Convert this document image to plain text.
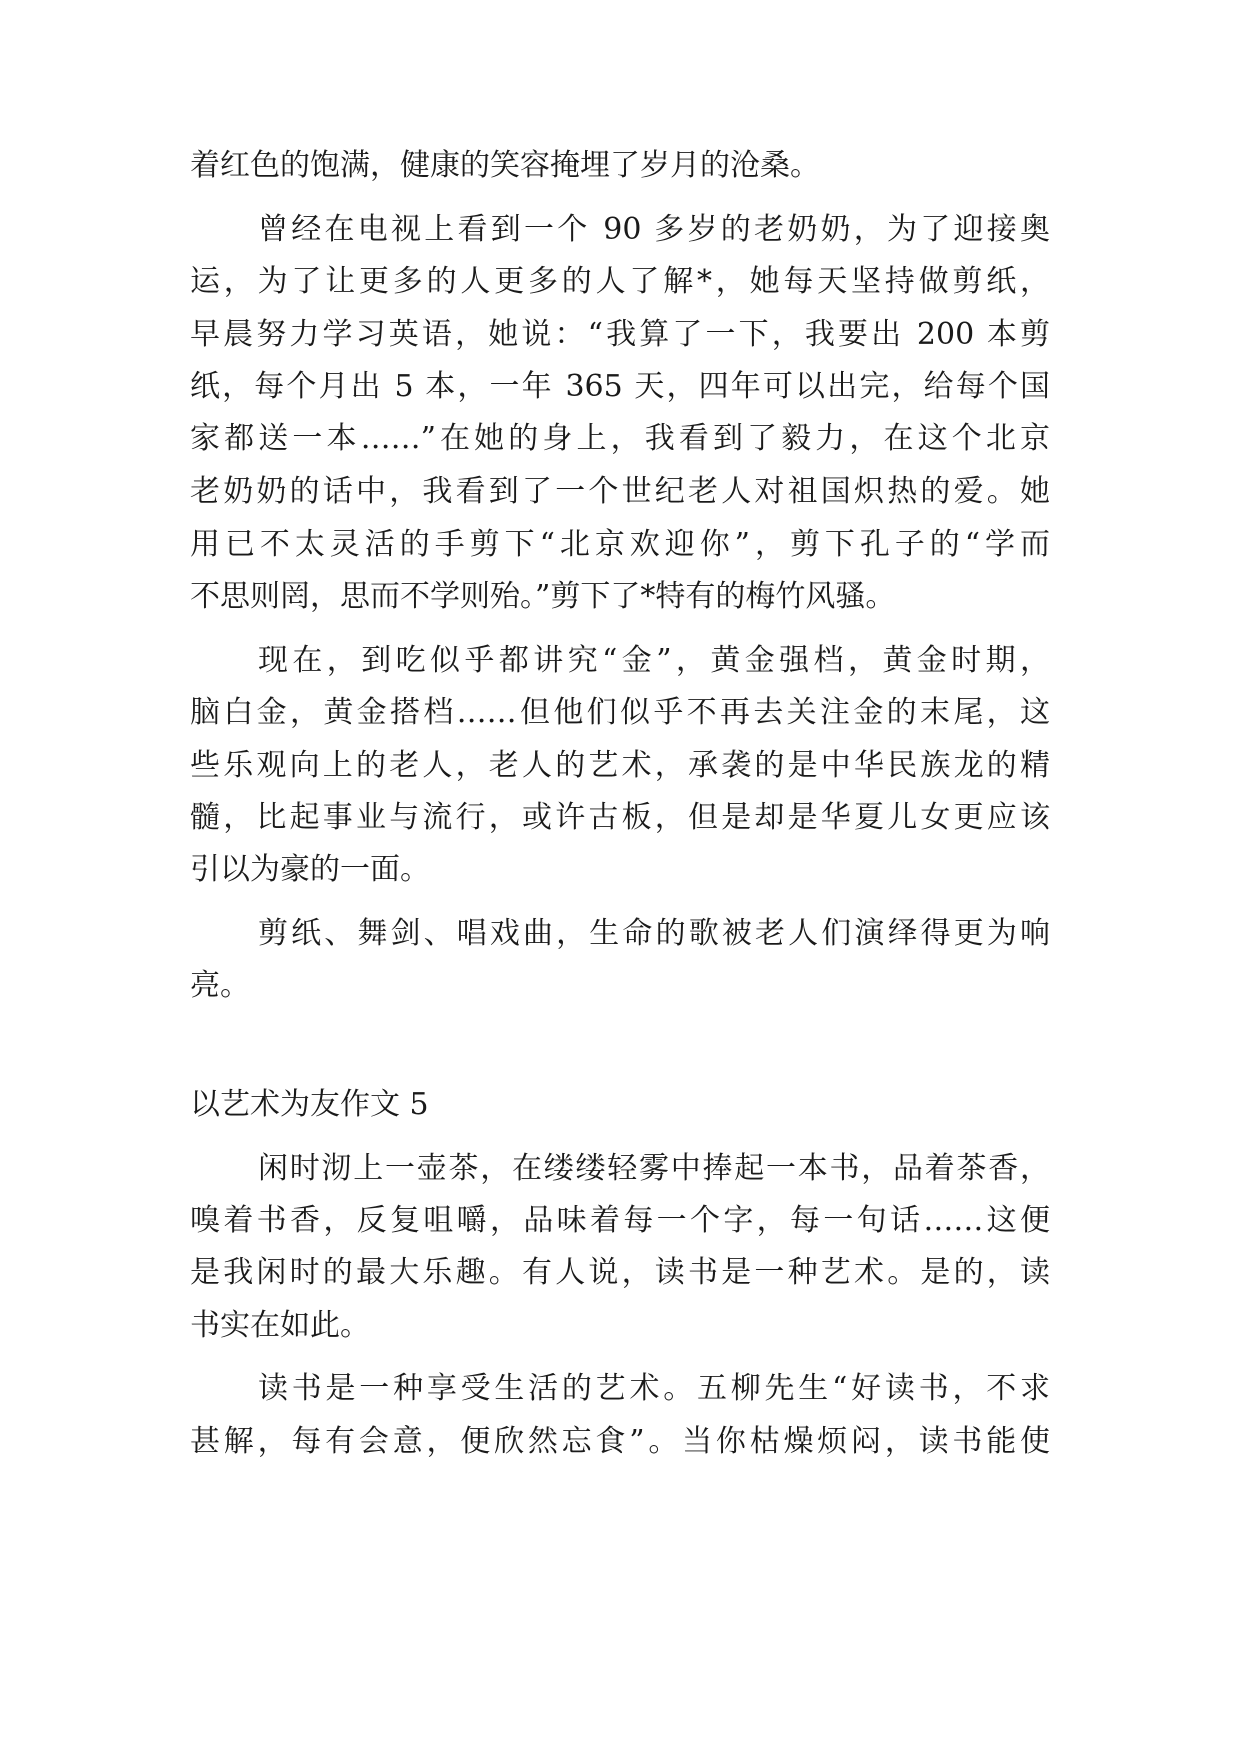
着红色的饱满，健康的笑容掩埋了岁月的沧桑。
曾经在电视上看到一个 90 多岁的老奶奶，为了迎接奥
运，为了让更多的人更多的人了解*，她每天坚持做剪纸，
早晨努力学习英语，她说：“我算了一下，我要出 200 本剪
纸，每个月出 5 本，一年 365 天，四年可以出完，给每个国
家都送一本……”在她的身上，我看到了毅力，在这个北京
老奶奶的话中，我看到了一个世纪老人对祖国炽热的爱。她
用已不太灵活的手剪下“北京欢迎你”，剪下孔子的“学而
不思则罔，思而不学则殆。”剪下了*特有的梅竹风骚。
现在，到吃似乎都讲究“金”，黄金强档，黄金时期，
脑白金，黄金搭档……但他们似乎不再去关注金的末尾，这
些乐观向上的老人，老人的艺术，承袭的是中华民族龙的精
髓，比起事业与流行，或许古板，但是却是华夏儿女更应该
引以为豪的一面。
剪纸、舞剑、唱戏曲，生命的歌被老人们演绎得更为响
亮。
以艺术为友作文 5
闲时沏上一壶茶，在缕缕轻雾中捧起一本书，品着茶香，
嗅着书香，反复咀嚼，品味着每一个字，每一句话……这便
是我闲时的最大乐趣。有人说，读书是一种艺术。是的，读
书实在如此。
读书是一种享受生活的艺术。五柳先生“好读书，不求
甚解，每有会意，便欣然忘食”。当你枯燥烦闷，读书能使
